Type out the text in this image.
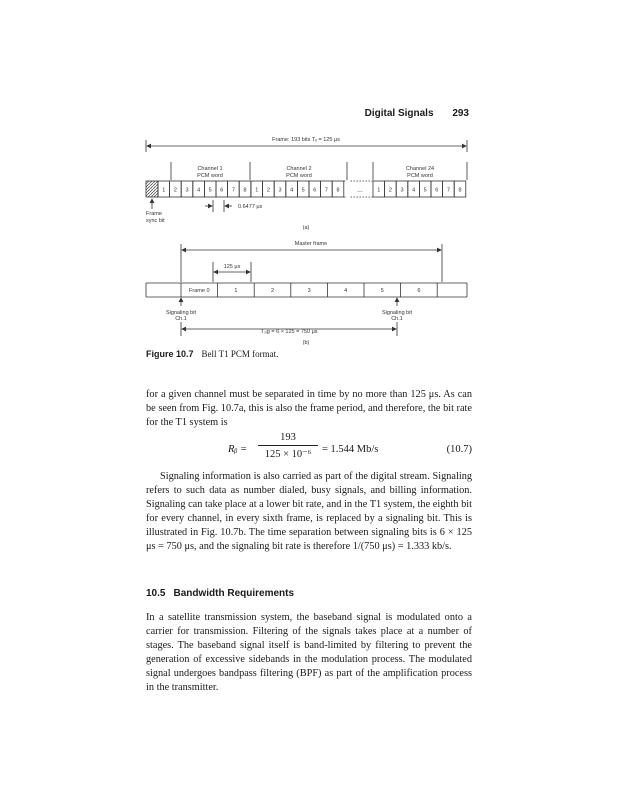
Digital Signals 293
1 2 3 4 5 6 7 8 1 2 3 4 5 6 7 8	1 2 3 4 5 6 7 8
Frame: 193 bits Tₓ = 125 μs
Channel 1
PCM word
Channel 2
PCM word
Channel 24
PCM word
...
0.6477 μs
Frame
sync bit
(a)
Master frame
125 μs
Frame 0	1	2	3	4	5	6
Signaling bit
Ch.1
Signaling bit
Ch.1
Tₛᵢg = 6 × 125 = 750 μs
(b)
Figure 10.7 Bell T1 PCM format.
for a given channel must be separated in time by no more than 125 μs. As can be seen from Fig. 10.7a, this is also the frame period, and therefore, the bit rate for the T1 system is
Rᵦ =
193
125 × 10⁻⁶	= 1.544 Mb/s	(10.7)
Signaling information is also carried as part of the digital stream. Signaling refers to such data as number dialed, busy signals, and billing information. Signaling can take place at a lower bit rate, and in the T1 system, the eighth bit for every channel, in every sixth frame, is replaced by a signaling bit. This is illustrated in Fig. 10.7b. The time separation between signaling bits is 6 × 125 μs = 750 μs, and the signaling bit rate is therefore 1/(750 μs) = 1.333 kb/s.
10.5 Bandwidth Requirements
In a satellite transmission system, the baseband signal is modulated onto a carrier for transmission. Filtering of the signals takes place at a number of stages. The baseband signal itself is band-limited by filtering to prevent the generation of excessive sidebands in the modulation process. The modulated signal undergoes bandpass filtering (BPF) as part of the amplification process in the transmitter.
